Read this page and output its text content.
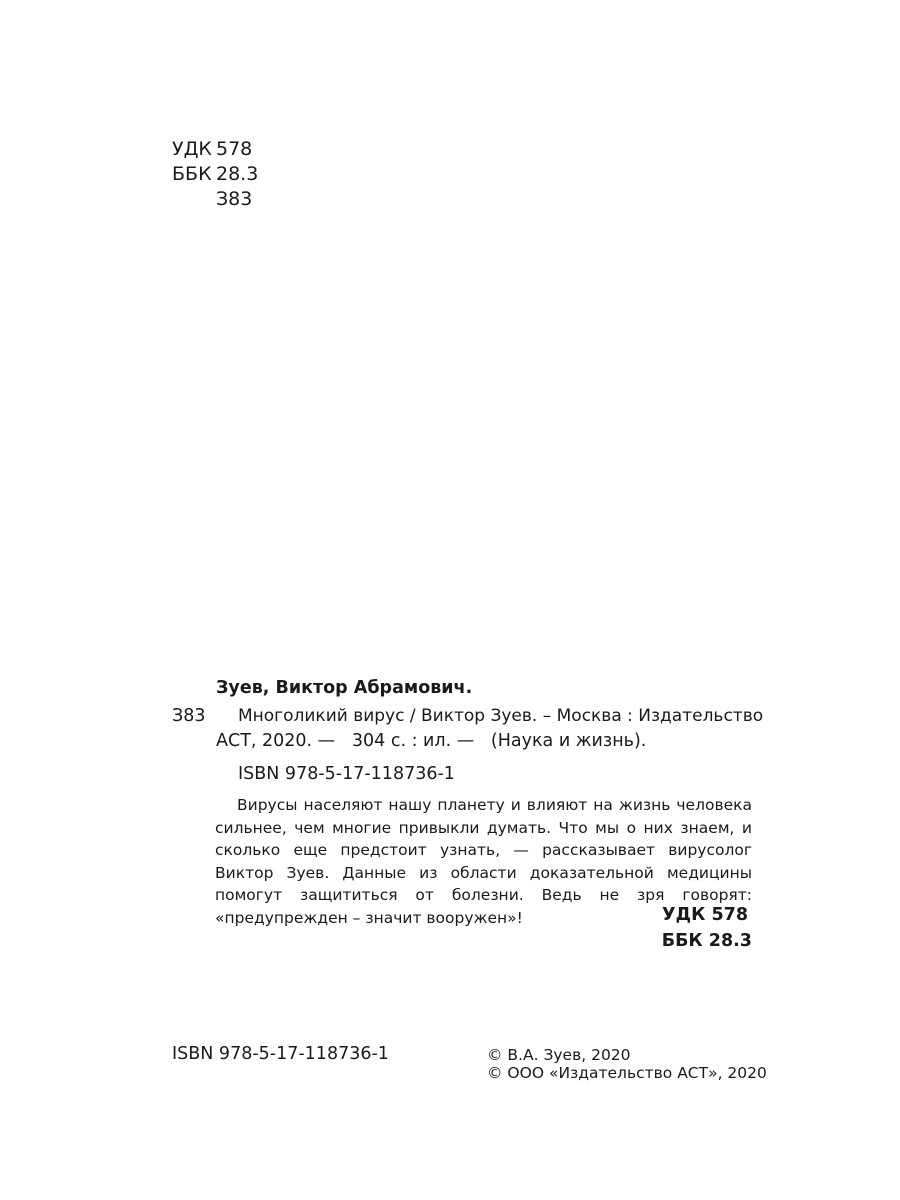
УДК 578
ББК 28.3
З83
Зуев, Виктор Абрамович.
З83 Многоликий вирус / Виктор Зуев. – Москва : Издательство
АСТ, 2020. —   304 с. : ил. —   (Наука и жизнь).
ISBN 978-5-17-118736-1
Вирусы населяют нашу планету и влияют на жизнь человека сильнее, чем многие привыкли думать. Что мы о них знаем, и сколько еще предстоит узнать, — рассказывает вирусолог Виктор Зуев. Данные из области доказательной медицины помогут защититься от болезни. Ведь не зря говорят: «предупрежден – значит вооружен»!	УДК 578
ББК 28.3
ISBN 978-5-17-118736-1	© В.А. Зуев, 2020
© ООО «Издательство АСТ», 2020
